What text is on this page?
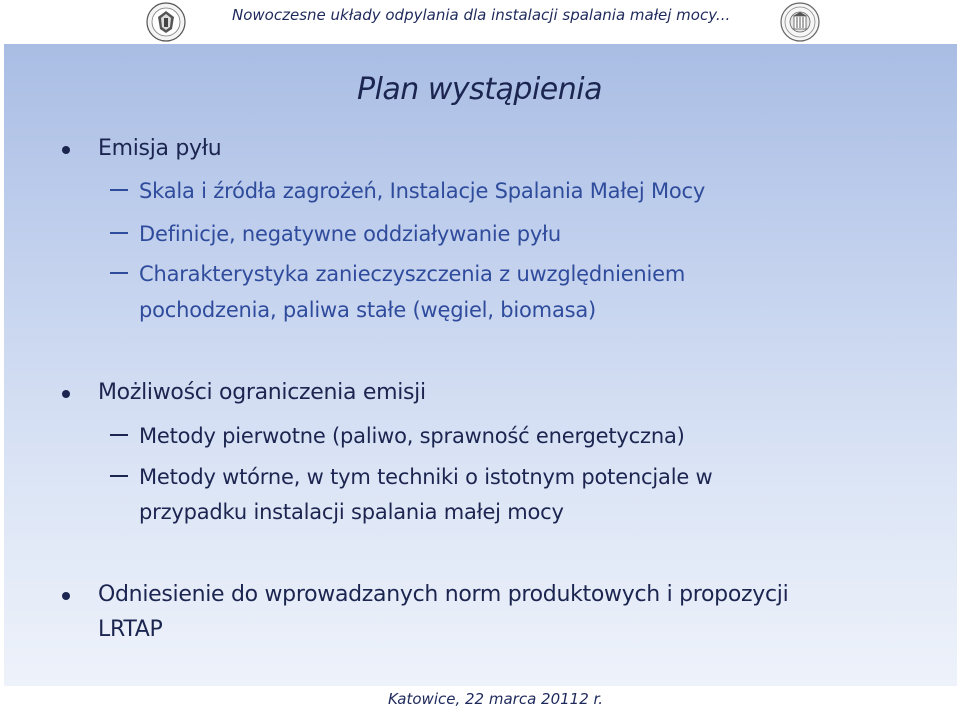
Nowoczesne układy odpylania dla instalacji spalania małej mocy...
Plan wystąpienia
Emisja pyłu
Skala i źródła zagrożeń, Instalacje Spalania Małej Mocy
Definicje, negatywne oddziaływanie pyłu
Charakterystyka zanieczyszczenia z uwzględnieniem
pochodzenia, paliwa stałe (węgiel, biomasa)
Możliwości ograniczenia emisji
Metody pierwotne (paliwo, sprawność energetyczna)
Metody wtórne, w tym techniki o istotnym potencjale w
przypadku instalacji spalania małej mocy
Odniesienie do wprowadzanych norm produktowych i propozycji
LRTAP
Katowice, 22 marca 20112 r.
